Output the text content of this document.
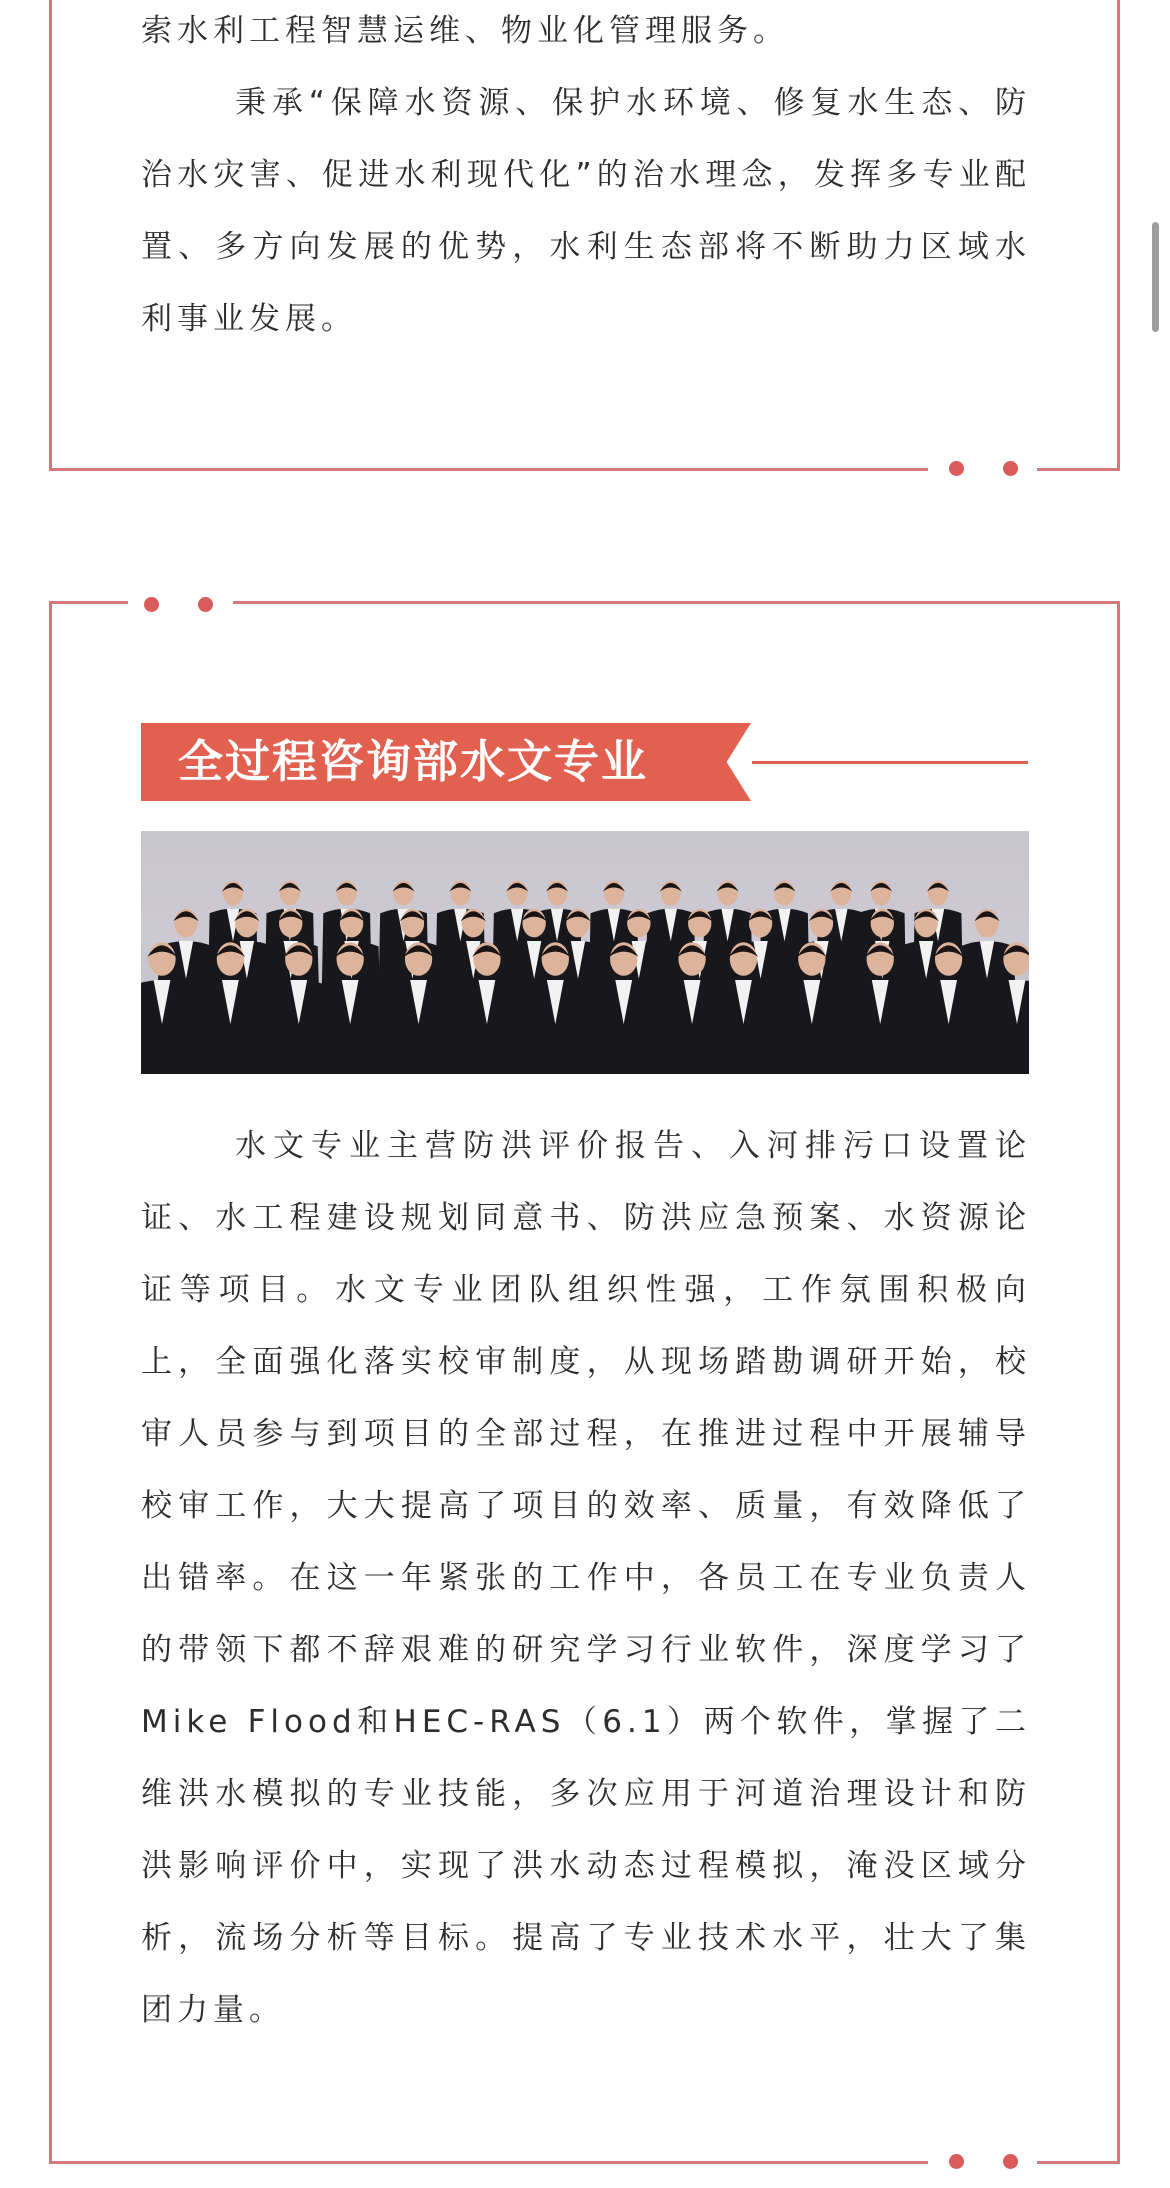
索水利工程智慧运维、物业化管理服务。

秉承“保障水资源、保护水环境、修复水生态、防治水灾害、促进水利现代化”的治水理念，发挥多专业配置、多方向发展的优势，水利生态部将不断助力区域水利事业发展。

全过程咨询部水文专业

水文专业主营防洪评价报告、入河排污口设置论证、水工程建设规划同意书、防洪应急预案、水资源论证等项目。水文专业团队组织性强，工作氛围积极向上，全面强化落实校审制度，从现场踏勘调研开始，校审人员参与到项目的全部过程，在推进过程中开展辅导校审工作，大大提高了项目的效率、质量，有效降低了出错率。在这一年紧张的工作中，各员工在专业负责人的带领下都不辞艰难的研究学习行业软件，深度学习了Mike Flood和HEC-RAS（6.1）两个软件，掌握了二维洪水模拟的专业技能，多次应用于河道治理设计和防洪影响评价中，实现了洪水动态过程模拟，淹没区域分析，流场分析等目标。提高了专业技术水平，壮大了集团力量。
